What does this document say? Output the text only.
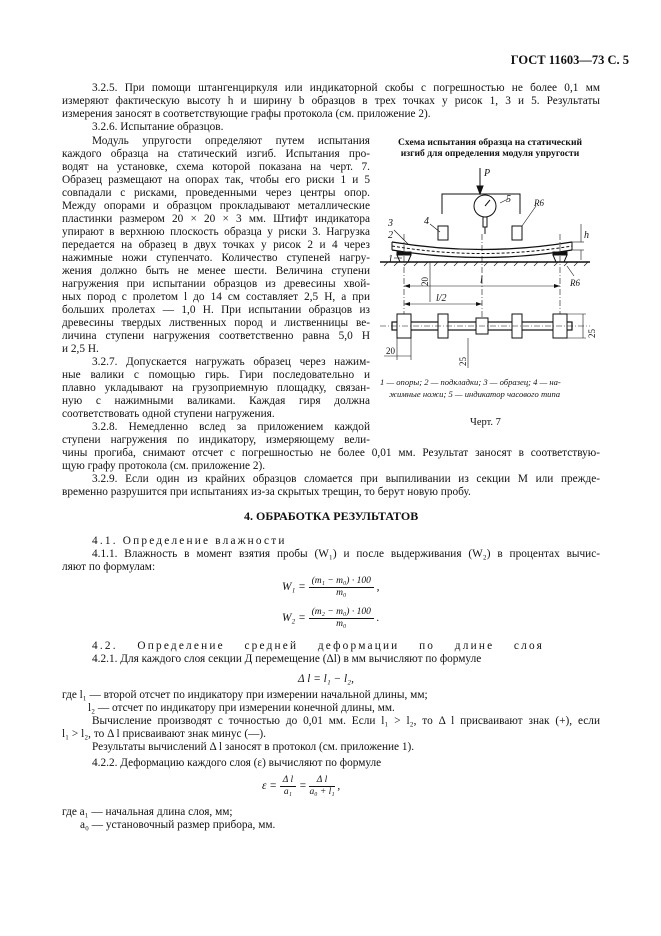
ГОСТ 11603—73 С. 5
3.2.5. При помощи штангенциркуля или индикаторной скобы с погрешностью не более 0,1 мм
измеряют фактическую высоту h и ширину b образцов в трех точках у рисок 1, 3 и 5. Результаты
измерения заносят в соответствующие графы протокола (см. приложение 2).
3.2.6. Испытание образцов.
Модуль упругости определяют путем испытания
каждого образца на статический изгиб. Испытания про-
водят на установке, схема которой показана на черт. 7.
Образец размещают на опорах так, чтобы его риски 1 и 5
совпадали с рисками, проведенными через центры опор.
Между опорами и образцом прокладывают металлические
пластинки размером 20 × 20 × 3 мм. Штифт индикатора
упирают в верхнюю плоскость образца у риски 3. Нагрузка
передается на образец в двух точках у рисок 2 и 4 через
нажимные ножи ступенчато. Количество ступеней нагру-
жения должно быть не менее шести. Величина ступени
нагружения при испытании образцов из древесины хвой-
ных пород с пролетом l до 14 см составляет 2,5 Н, а при
больших пролетах — 1,0 Н. При испытании образцов из
древесины твердых лиственных пород и лиственницы ве-
личина ступени нагружения соответственно равна 5,0 Н
и 2,5 Н.
3.2.7. Допускается нагружать образец через нажим-
ные валики с помощью гирь. Гири последовательно и
плавно укладывают на грузоприемную площадку, связан-
ную с нажимными валиками. Каждая гиря должна
соответствовать одной ступени нагружения.
3.2.8. Немедленно вслед за приложением каждой
ступени нагружения по индикатору, измеряющему вели-
Схема испытания образца на статический
изгиб для определения модуля упругости
P
5	R6
4
3
2
1
h
R6
l
l/2
20
25
20
25
1 — опоры; 2 — подкладки; 3 — образец; 4 — на-
жимные ножи; 5 — индикатор часового типа
Черт. 7
чины прогиба, снимают отсчет с погрешностью не более 0,01 мм. Результат заносят в соответствую-
щую графу протокола (см. приложение 2).
3.2.9. Если один из крайних образцов сломается при выпиливании из секции М или прежде-
временно разрушится при испытаниях из-за скрытых трещин, то берут новую пробу.
4. ОБРАБОТКА РЕЗУЛЬТАТОВ
4.1. Определение влажности
4.1.1. Влажность в момент взятия пробы (W₁) и после выдерживания (W₂) в процентах вычис-
ляют по формулам:
$W_1 = \frac{\text{(m₁ − m₀) · 100}}{\text{m₀}}$ ,
$W_2 = \frac{\text{(m₂ − m₀) · 100}}{\text{m₀}}$ .
4.2. Определение средней деформации по длине слоя
4.2.1. Для каждого слоя секции Д перемещение (Δl) в мм вычисляют по формуле
Δ l = l₁ − l₂,
где l₁ — второй отсчет по индикатору при измерении начальной длины, мм;
l₂ — отсчет по индикатору при измерении конечной длины, мм.
Вычисление производят с точностью до 0,01 мм. Если l₁ > l₂, то Δ l присваивают знак (+), если
l₁ > l₂, то Δ l присваивают знак минус (—).
Результаты вычислений Δ l заносят в протокол (см. приложение 1).
4.2.2. Деформацию каждого слоя (ε) вычисляют по формуле
$\varepsilon = \frac{\text{Δ l}}{\text{a₁}} = \frac{\text{Δ l}}{\text{a₀ + l₁}}$ ,
где a₁ — начальная длина слоя, мм;
a₀ — установочный размер прибора, мм.
